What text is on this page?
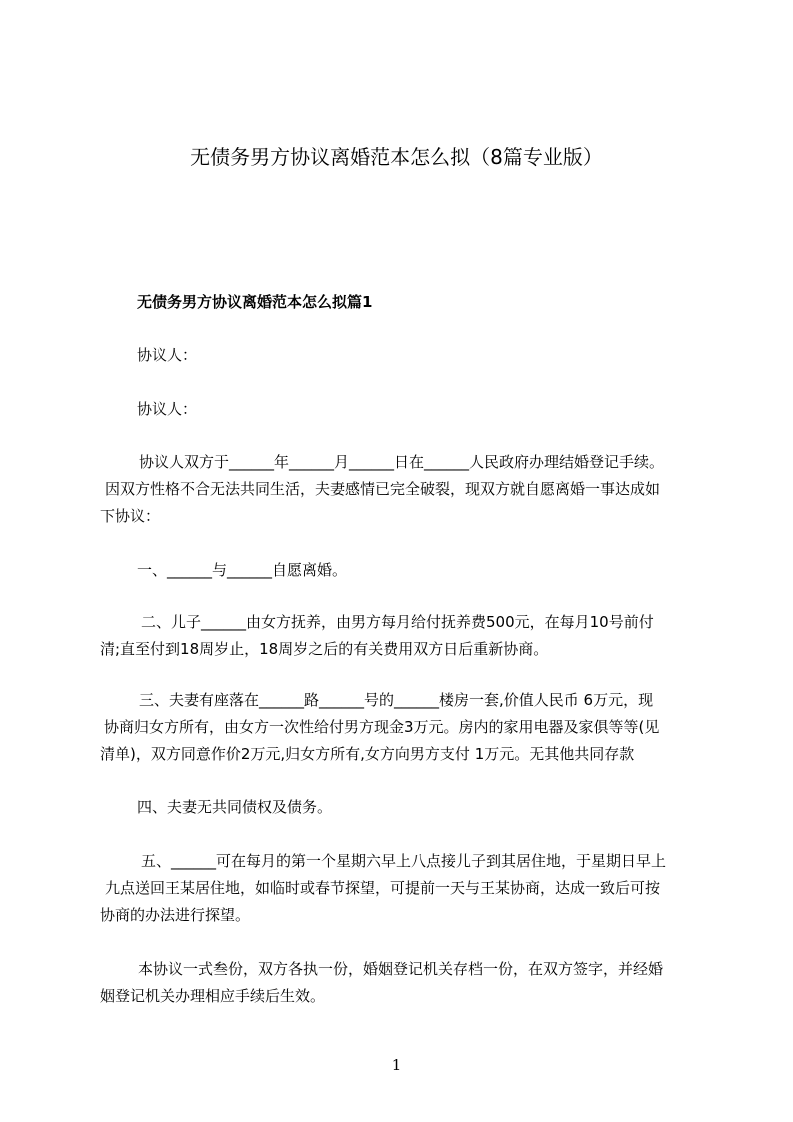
无债务男方协议离婚范本怎么拟（8篇专业版）
无债务男方协议离婚范本怎么拟篇1
协议人：
协议人：
协议人双方于______年______月______日在______人民政府办理结婚登记手续。
因双方性格不合无法共同生活，夫妻感情已完全破裂，现双方就自愿离婚一事达成如
下协议：
一、______与______自愿离婚。
二、儿子______由女方抚养，由男方每月给付抚养费500元，在每月10号前付
清;直至付到18周岁止，18周岁之后的有关费用双方日后重新协商。
三、夫妻有座落在______路______号的______楼房一套,价值人民币 6万元，现
协商归女方所有，由女方一次性给付男方现金3万元。房内的家用电器及家俱等等(见
清单)，双方同意作价2万元,归女方所有,女方向男方支付 1万元。无其他共同存款
四、夫妻无共同债权及债务。
五、______可在每月的第一个星期六早上八点接儿子到其居住地，于星期日早上
九点送回王某居住地，如临时或春节探望，可提前一天与王某协商，达成一致后可按
协商的办法进行探望。
本协议一式叁份，双方各执一份，婚姻登记机关存档一份，在双方签字，并经婚
姻登记机关办理相应手续后生效。
1
